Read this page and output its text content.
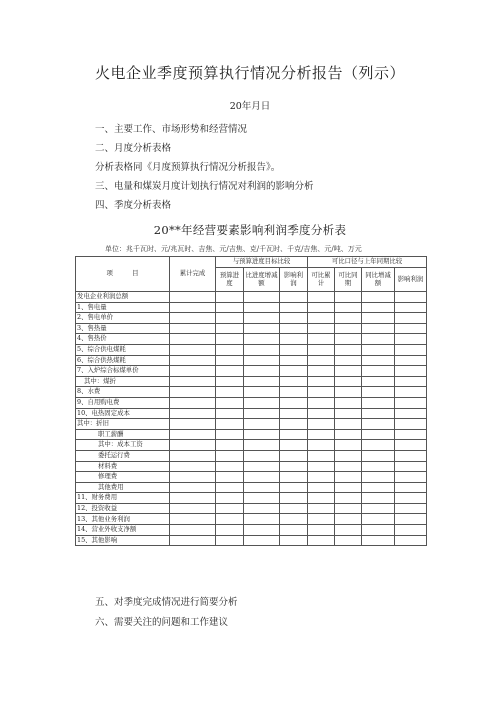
火电企业季度预算执行情况分析报告（列示）
20年月日
一、主要工作、市场形势和经营情况
二、月度分析表格
分析表格同《月度预算执行情况分析报告》。
三、电量和煤炭月度计划执行情况对利润的影响分析
四、季度分析表格
20**年经营要素影响利润季度分析表
单位：兆千瓦时、元/兆瓦时、吉焦、元/吉焦、克/千瓦时、千克/吉焦、元/吨、万元
项　　　目	累计完成	与预算进度目标比较			可比口径与上年同期比较			
		预算进度	比进度增减额	影响利润	可比累计	可比同期	同比增减额	影响利润
发电企业利润总额								
1、售电量								
2、售电单价								
3、售热量								
4、售热价								
5、综合供电煤耗								
6、综合供热煤耗								
7、入炉综合标煤单价								
其中：煤折								
8、水费								
9、自用购电费								
10、电热固定成本								
其中：折旧								
职工薪酬								
其中：成本工资								
委托运行费								
材料费								
修理费								
其他费用								
11、财务费用								
12、投资收益								
13、其他业务利润								
14、营业外收支净额								
15、其他影响								
五、对季度完成情况进行简要分析
六、需要关注的问题和工作建议
